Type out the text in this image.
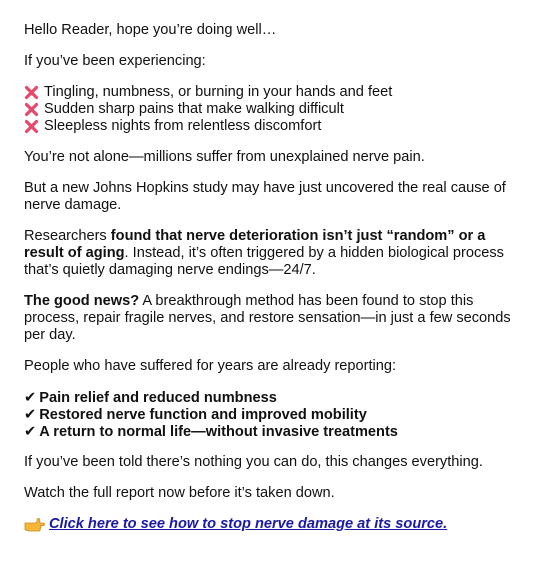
Hello Reader, hope you’re doing well…

If you’ve been experiencing:

Tingling, numbness, or burning in your hands and feet
Sudden sharp pains that make walking difficult
Sleepless nights from relentless discomfort

You’re not alone—millions suffer from unexplained nerve pain.

But a new Johns Hopkins study may have just uncovered the real cause of nerve damage.

Researchers found that nerve deterioration isn’t just “random” or a result of aging. Instead, it’s often triggered by a hidden biological process that’s quietly damaging nerve endings—24/7.

The good news? A breakthrough method has been found to stop this process, repair fragile nerves, and restore sensation—in just a few seconds per day.

People who have suffered for years are already reporting:

✔ Pain relief and reduced numbness
✔ Restored nerve function and improved mobility
✔ A return to normal life—without invasive treatments

If you’ve been told there’s nothing you can do, this changes everything.

Watch the full report now before it’s taken down.

Click here to see how to stop nerve damage at its source.
